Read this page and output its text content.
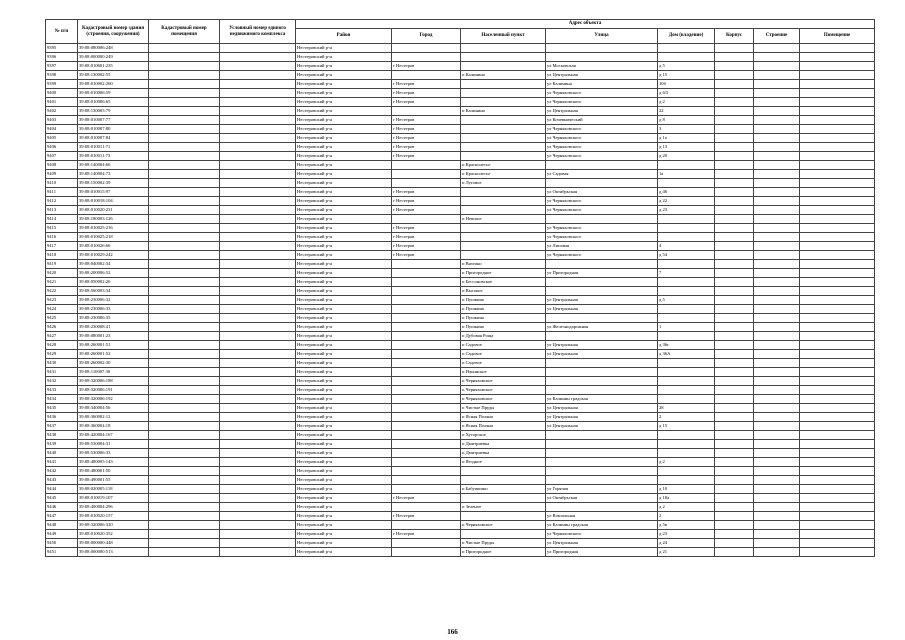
№ п/п	Кадастровый номер здания (строения, сооружения)	Кадастровый номер помещения	Условный номер единого недвижимого комплекса	Адрес объекта							
				Район	Город	Населенный пункт	Улица	Дом (владение)	Корпус	Строение	Помещение
9395	39:08:080006:248			Нестеровский р-н							
9396	39:08:000000:249			Нестеровский р-н							
9397	39:08:010601:235			Нестеровский р-н	г Нестеров		ул Московская	д 5			
9398	39:08:130002:55			Нестеровский р-н		п Калинино	ул Центральная	д 15			
9399	39:08:010002:260			Нестеровский р-н	г Нестеров		ул Калинина	10б			
9400	39:08:010006:59			Нестеровский р-н	г Нестеров		ул Черняховского	д 6/5			
9401	39:08:010006:65			Нестеровский р-н	г Нестеров		ул Черняховского	д 2			
9402	39:08:130005:79			Нестеровский р-н		п Калинино	ул Центральная	22			
9403	39:08:010007:77			Нестеровский р-н	г Нестеров		ул Кочевнический	д 8			
9404	39:08:010007:80			Нестеровский р-н	г Нестеров		ул Черняховского	3			
9405	39:08:010007:84			Нестеровский р-н	г Нестеров		ул Черняховского	д 1а			
9406	39:08:010011:71			Нестеровский р-н	г Нестеров		ул Черняховского	д 13			
9407	39:08:010011:73			Нестеровский р-н	г Нестеров		ул Черняховского	д 20			
9408	39:08:140004:66			Нестеровский р-н		п Краснолесье					
9409	39:08:140004:73			Нестеровский р-н		п Краснолесье	ул Садовая	1а			
9410	39:08:150002:39			Нестеровский р-н		п Луговое					
9411	39:08:010015:97			Нестеровский р-н	г Нестеров		ул Октябрьская	д 46			
9412	39:08:010018:104			Нестеровский р-н	г Нестеров		ул Черняховского	д 22			
9413	39:08:010020:231			Нестеровский р-н	г Нестеров		ул Черняховского	д 23			
9414	39:08:180003:126			Нестеровский р-н		п Невское					
9415	39:08:010025:216			Нестеровский р-н	г Нестеров		ул Черняховского				
9416	39:08:010025:218			Нестеровский р-н	г Нестеров		ул Черняховского				
9417	39:08:010026:66			Нестеровский р-н	г Нестеров		ул Липовая	4			
9418	39:08:010029:242			Нестеровский р-н	г Нестеров		ул Черняховского	д 54			
9419	39:08:040002:34			Нестеровский р-н		п Вязгино					
9420	39:08:200006:52			Нестеровский р-н		п Пригородное	ул Пригородная	7			
9421	39:08:050002:26			Нестеровский р-н		п Бессоновское					
9422	39:08:560003:34			Нестеровский р-н		п Высокое					
9423	39:08:230006:32			Нестеровский р-н		п Пушкино	ул Центральная	д 5			
9424	39:08:230006:33			Нестеровский р-н		п Пушкино	ул Центральная				
9425	39:08:230006:35			Нестеровский р-н		п Пушкино					
9426	39:08:230008:41			Нестеровский р-н		п Пушкино	ул Железнодорожная	1			
9427	39:08:080001:23			Нестеровский р-н		п Дубовая Роща					
9428	39:08:260001:51			Нестеровский р-н		п Садовое	ул Центральная	д 36г			
9429	39:08:260001:52			Нестеровский р-н		п Садовое	ул Центральная	д 36А			
9430	39:08:260002:30			Нестеровский р-н		п Садовое					
9431	39:08:110007:30			Нестеровский р-н		п Ильинское					
9432	39:08:320006:188			Нестеровский р-н		п Черняховское					
9433	39:08:320006:191			Нестеровский р-н		п Черняховское					
9434	39:08:320006:192			Нестеровский р-н		п Черняховское	ул Калинин градская				
9435	39:08:340004:56			Нестеровский р-н		п Чистые Пруды	ул Центральная	28			
9436	39:08:360002:12			Нестеровский р-н		п Ясная Поляна	ул Центральная	2			
9437	39:08:360004:18			Нестеровский р-н		п Ясная Поляна	ул Центральная	д 15			
9438	39:08:420004:167			Нестеровский р-н		п Хуторское					
9439	39:08:530004:31			Нестеровский р-н		п Дмитриевка					
9440	39:08:530006:33			Нестеровский р-н		п Дмитриевка					
9441	39:08:480005:143			Нестеровский р-н		п Ягодное		д 2			
9442	39:08:480001:50			Нестеровский р-н							
9443	39:08:490001:55			Нестеровский р-н							
9444	39:08:020005:118			Нестеровский р-н		п Бабушкино	ул Горячая	д 10			
9445	39:08:010019:107			Нестеровский р-н	г Нестеров		ул Октябрьская	д 18а			
9446	39:08:400004:296			Нестеровский р-н		п Зеленое		д 2			
9447	39:08:010020:157			Нестеровский р-н	г Нестеров		ул Вокзальная	2			
9448	39:08:320006:320			Нестеровский р-н		п Черняховское	ул Калинин градская	д 5в			
9449	39:08:010020:352			Нестеровский р-н	г Нестеров		ул Черняховского	д 23			
9450	39:08:000000:448			Нестеровский р-н		п Чистые Пруды	ул Центральная	д 24			
9451	39:08:000000:513			Нестеровский р-н		п Пригородное	ул Пригородная	д 21			
166
